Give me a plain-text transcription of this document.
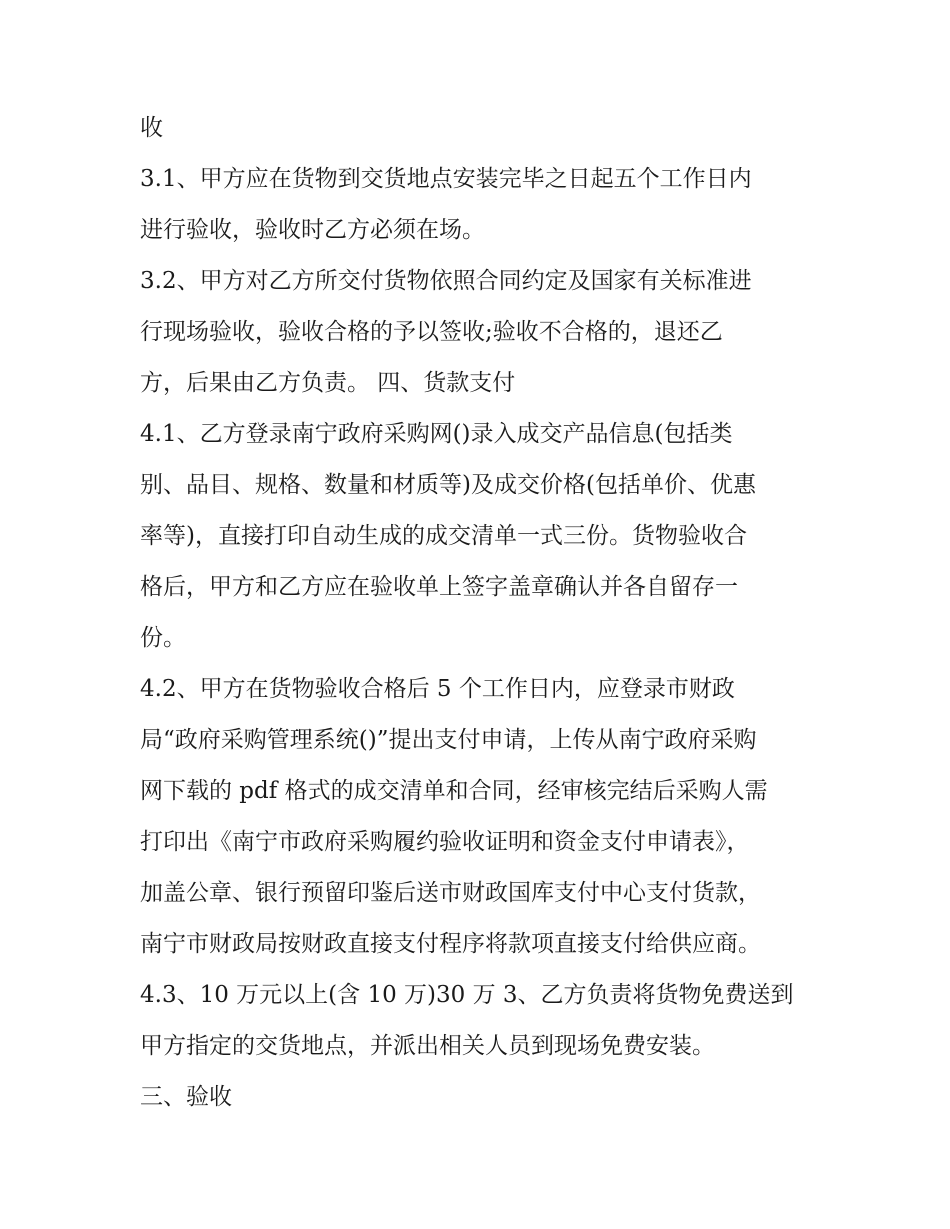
收
3.1、甲方应在货物到交货地点安装完毕之日起五个工作日内
进行验收，验收时乙方必须在场。
3.2、甲方对乙方所交付货物依照合同约定及国家有关标准进
行现场验收，验收合格的予以签收;验收不合格的，退还乙
方，后果由乙方负责。 四、货款支付
4.1、乙方登录南宁政府采购网()录入成交产品信息(包括类
别、品目、规格、数量和材质等)及成交价格(包括单价、优惠
率等)，直接打印自动生成的成交清单一式三份。货物验收合
格后，甲方和乙方应在验收单上签字盖章确认并各自留存一
份。
4.2、甲方在货物验收合格后 5 个工作日内，应登录市财政
局“政府采购管理系统()”提出支付申请，上传从南宁政府采购
网下载的 pdf 格式的成交清单和合同，经审核完结后采购人需
打印出《南宁市政府采购履约验收证明和资金支付申请表》，
加盖公章、银行预留印鉴后送市财政国库支付中心支付货款，
南宁市财政局按财政直接支付程序将款项直接支付给供应商。
4.3、10 万元以上(含 10 万)30 万 3、乙方负责将货物免费送到
甲方指定的交货地点，并派出相关人员到现场免费安装。
三、验收
